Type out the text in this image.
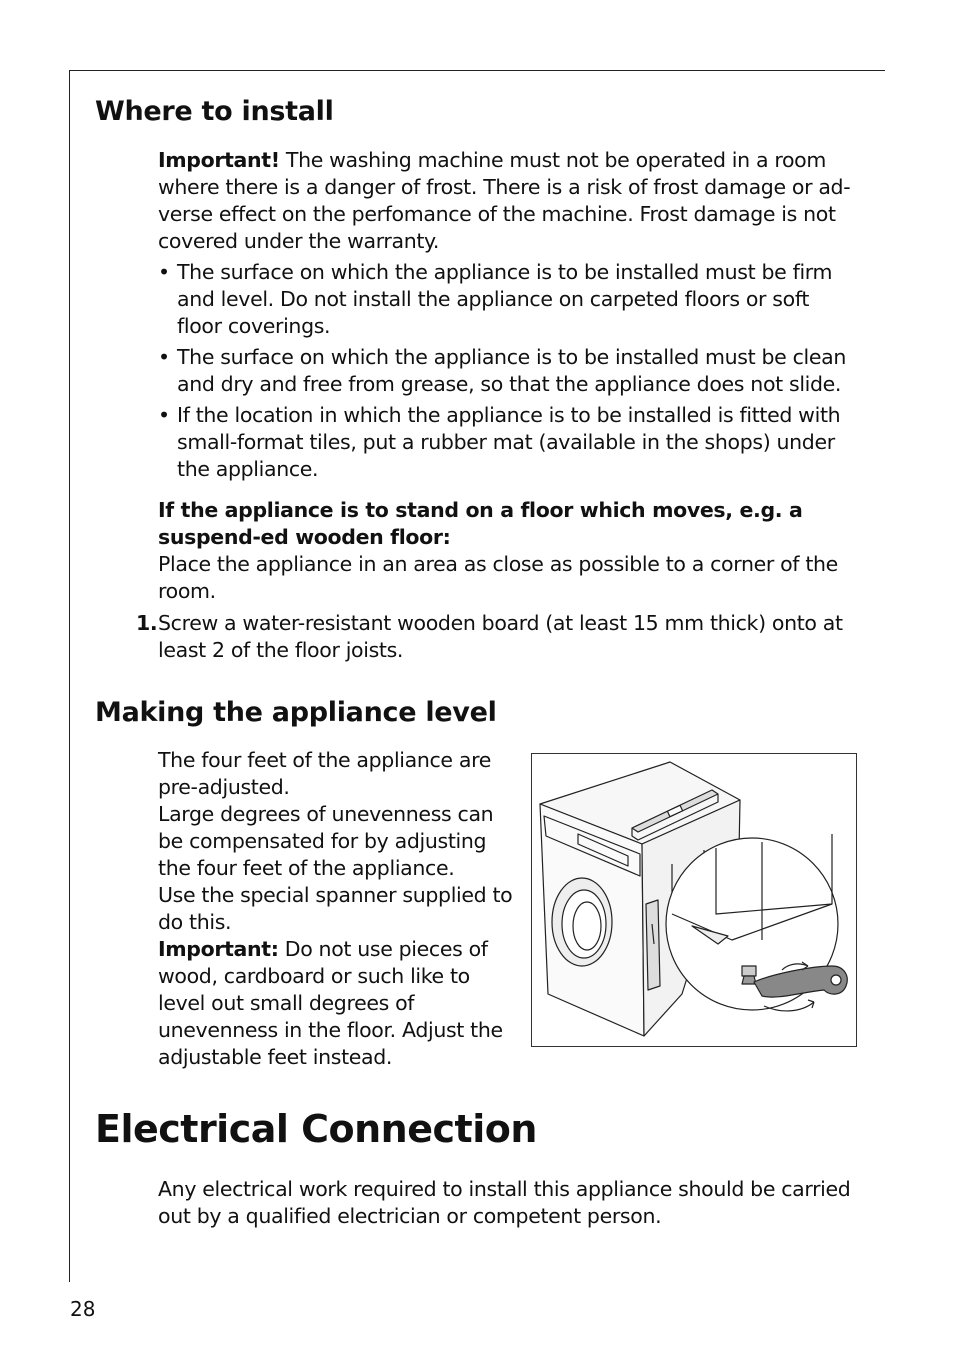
Where to install

Important! The washing machine must not be operated in a room where there is a danger of frost. There is a risk of frost damage or ad-verse effect on the perfomance of the machine. Frost damage is not covered under the warranty.

• The surface on which the appliance is to be installed must be firm and level. Do not install the appliance on carpeted floors or soft floor coverings.
• The surface on which the appliance is to be installed must be clean and dry and free from grease, so that the appliance does not slide.
• If the location in which the appliance is to be installed is fitted with small-format tiles, put a rubber mat (available in the shops) under the appliance.

If the appliance is to stand on a floor which moves, e.g. a suspend-ed wooden floor:

Place the appliance in an area as close as possible to a corner of the room.

1. Screw a water-resistant wooden board (at least 15 mm thick) onto at least 2 of the floor joists.

Making the appliance level
The four feet of the appliance are pre-adjusted.
Large degrees of unevenness can be compensated for by adjusting the four feet of the appliance.
Use the special spanner supplied to do this.
Important: Do not use pieces of wood, cardboard or such like to level out small degrees of unevenness in the floor. Adjust the adjustable feet instead.
Electrical Connection

Any electrical work required to install this appliance should be carried out by a qualified electrician or competent person.

28
